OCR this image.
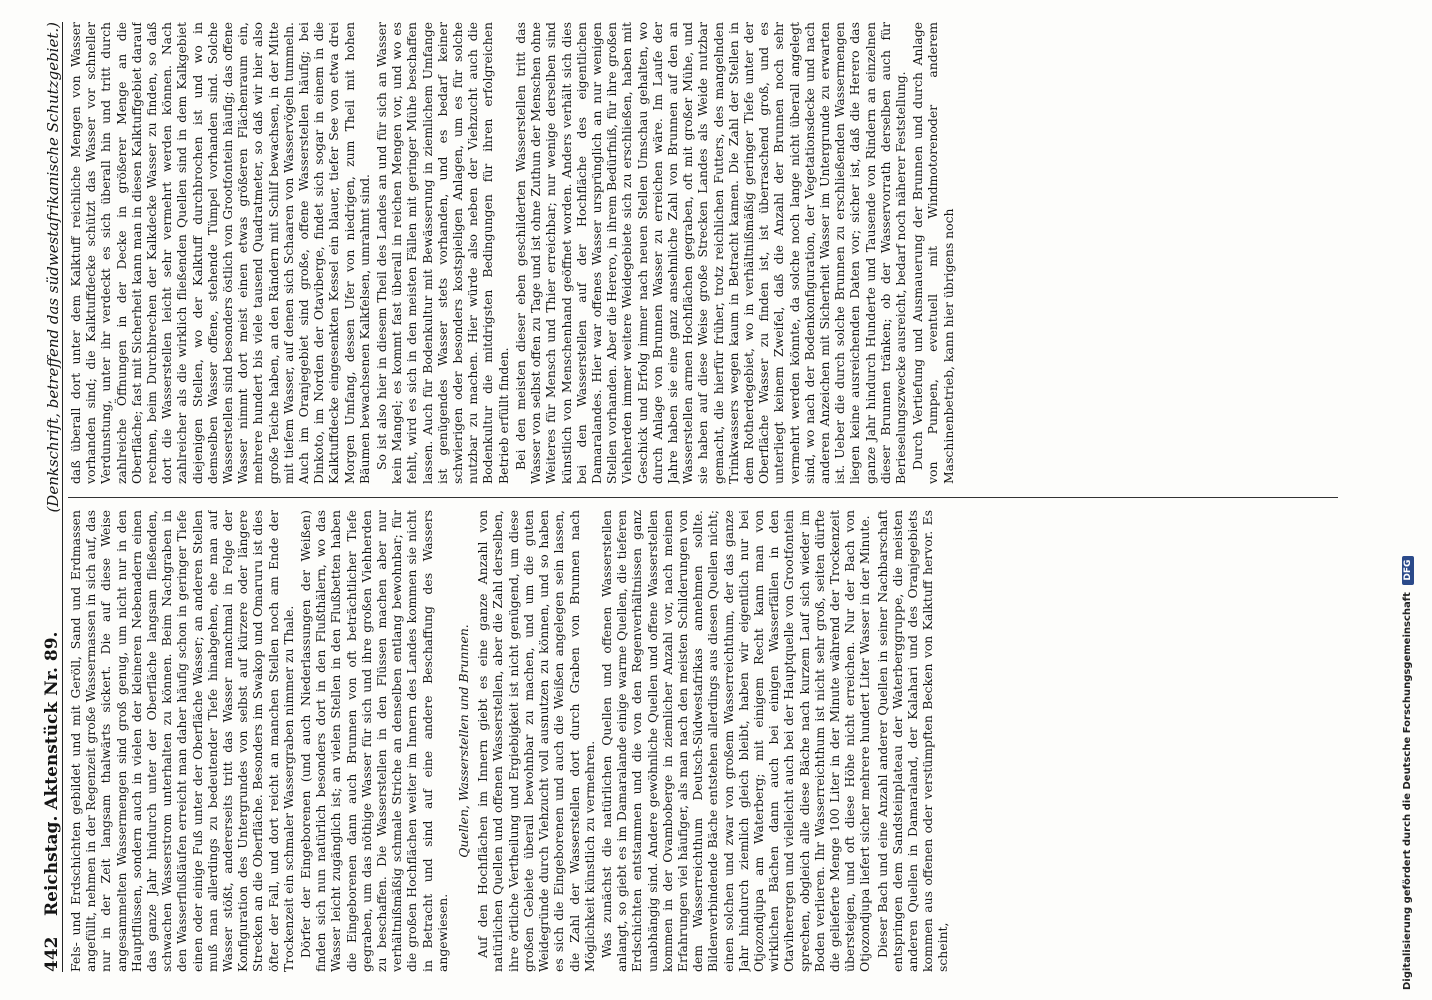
442
Reichstag. Aktenstück Nr. 89.
(Denkschrift, betreffend das südwestafrikanische Schutzgebiet.)

Fels- und Erdschichten gebildet und mit Geröll, Sand und Erdmassen angefüllt, nehmen in der Regenzeit große Wassermassen in sich auf, das nur in der Zeit langsam thalwärts sickert. Die auf diese Weise angesammelten Wassermengen sind groß genug, um nicht nur in den Hauptflüssen, sondern auch in vielen der kleineren Nebenadern einen das ganze Jahr hindurch unter der Oberfläche langsam fließenden, schwachen Wasserstrom unterhalten zu können. Beim Nachgraben in den Wasserflußläufen erreicht man daher häufig schon in geringer Tiefe einen oder einige Fuß unter der Oberfläche Wasser; an anderen Stellen muß man allerdings zu bedeutender Tiefe hinabgehen, ehe man auf Wasser stößt, andererseits tritt das Wasser manchmal in Folge der Konfiguration des Untergrundes von selbst auf kürzere oder längere Strecken an die Oberfläche. Besonders im Swakop und Omaruru ist dies öfter der Fall, und dort reicht an manchen Stellen noch am Ende der Trockenzeit ein schmaler Wassergraben nimmer zu Thale. Dörfer der Eingeborenen (und auch Niederlassungen der Weißen) finden sich nun natürlich besonders dort in den Flußthälern, wo das Wasser leicht zugänglich ist; an vielen Stellen in den Flußbetten haben die Eingeborenen dann auch Brunnen von oft beträchtlicher Tiefe gegraben, um das nöthige Wasser für sich und ihre großen Viehherden zu beschaffen. Die Wasserstellen in den Flüssen machen aber nur verhältnißmäßig schmale Striche an denselben entlang bewohnbar; für die großen Hochflächen weiter im Innern des Landes kommen sie nicht in Betracht und sind auf eine andere Beschaffung des Wassers angewiesen.

Quellen, Wasserstellen und Brunnen. Auf den Hochflächen im Innern giebt es eine ganze Anzahl von natürlichen Quellen und offenen Wasserstellen, aber die Zahl derselben, ihre örtliche Vertheilung und Ergiebigkeit ist nicht genügend, um diese großen Gebiete überall bewohnbar zu machen, und um die guten Weidegründe durch Viehzucht voll ausnutzen zu können, und so haben es sich die Eingeborenen und auch die Weißen angelegen sein lassen, die Zahl der Wasserstellen dort durch Graben von Brunnen nach Möglichkeit künstlich zu vermehren. Was zunächst die natürlichen Quellen und offenen Wasserstellen anlangt, so giebt es im Damaralande einige warme Quellen, die tieferen Erdschichten entstammen und die von den Regenverhältnissen ganz unabhängig sind. Andere gewöhnliche Quellen und offene Wasserstellen kommen in der Ovamboberge in ziemlicher Anzahl vor, nach meinen Erfahrungen viel häufiger, als man nach den meisten Schilderungen von dem Wasserreichthum Deutsch-Südwestafrikas annehmen sollte. Bildenverbindende Bäche entstehen allerdings aus diesen Quellen nicht; einen solchen und zwar von großem Wasserreichthum, der das ganze Jahr hindurch ziemlich gleich bleibt, haben wir eigentlich nur bei Otjozondjupa am Waterberg; mit einigem Recht kann man von wirklichen Bächen dann auch bei einigen Wasserfällen in den Otaviherergen und vielleicht auch bei der Hauptquelle von Grootfontein sprechen, obgleich alle diese Bäche nach kurzem Lauf sich wieder im Boden verlieren. Ihr Wasserreichthum ist nicht sehr groß, seiten dürfte die gelieferte Menge 100 Liter in der Minute während der Trockenzeit übersteigen, und oft diese Höhe nicht erreichen. Nur der Bach von Otjozondjupa liefert sicher mehrere hundert Liter Wasser in der Minute. Dieser Bach und eine Anzahl anderer Quellen in seiner Nachbarschaft entspringen dem Sandsteinplateau der Waterberggruppe, die meisten anderen Quellen in Damaraland, der Kalahari und des Oranjegebiets kommen aus offenen oder verstümpften Becken von Kalktuff hervor. Es scheint,

daß überall dort unter dem Kalktuff reichliche Mengen von Wasser vorhanden sind; die Kalktuffdecke schützt das Wasser vor schneller Verdunstung, unter ihr verdeckt es sich überall hin und tritt durch zahlreiche Öffnungen in der Decke in größerer Menge an die Oberfläche; fast mit Sicherheit kann man in diesen Kalktuffgebiet darauf rechnen, beim Durchbrechen der Kalkdecke Wasser zu finden, so daß dort die Wasserstellen leicht sehr vermehrt werden können. Nach zahlreicher als die wirklich fließenden Quellen sind in dem Kalkgebiet diejenigen Stellen, wo der Kalktuff durchbrochen ist und wo in demselben Wasser offene, stehende Tümpel vorhanden sind. Solche Wasserstellen sind besonders östlich von Grootfontein häufig; das offene Wasser nimmt dort meist einen etwas größeren Flächenraum ein, mehrere hundert bis viele tausend Quadratmeter, so daß wir hier also große Teiche haben, an den Rändern mit Schilf bewachsen, in der Mitte mit tiefem Wasser, auf denen sich Schaaren von Wasservögeln tummeln. Auch im Oranjegebiet sind große, offene Wasserstellen häufig; bei Dinkoto, im Norden der Otaviberge, findet sich sogar in einem in die Kalktuffdecke eingesenkten Kessel ein blauer, tiefer See von etwa drei Morgen Umfang, dessen Ufer von niedrigen, zum Theil mit hohen Bäumen bewachsenen Kalkfelsen, umrahmt sind. So ist also hier in diesem Theil des Landes an und für sich an Wasser kein Mangel; es kommt fast überall in reichen Mengen vor, und wo es fehlt, wird es sich in den meisten Fällen mit geringer Mühe beschaffen lassen. Auch für Bodenkultur mit Bewässerung in ziemlichem Umfange ist genügendes Wasser stets vorhanden, und es bedarf keiner schwierigen oder besonders kostspieligen Anlagen, um es für solche nutzbar zu machen. Hier würde also neben der Viehzucht auch die Bodenkultur die mitdrigsten Bedingungen für ihren erfolgreichen Betrieb erfüllt finden. Bei den meisten dieser eben geschilderten Wasserstellen tritt das Wasser von selbst offen zu Tage und ist ohne Zuthun der Menschen ohne Weiteres für Mensch und Thier erreichbar; nur wenige derselben sind künstlich von Menschenhand geöffnet worden. Anders verhält sich dies bei den Wasserstellen auf der Hochfläche des eigentlichen Damaralandes. Hier war offenes Wasser ursprünglich an nur wenigen Stellen vorhanden. Aber die Herero, in ihrem Bedürfniß, für ihre großen Viehherden immer weitere Weidegebiete sich zu erschließen, haben mit Geschick und Erfolg immer nach neuen Stellen Umschau gehalten, wo durch Anlage von Brunnen Wasser zu erreichen wäre. Im Laufe der Jahre haben sie eine ganz ansehnliche Zahl von Brunnen auf den an Wasserstellen armen Hochflächen gegraben, oft mit großer Mühe, und sie haben auf diese Weise große Strecken Landes als Weide nutzbar gemacht, die hierfür früher, trotz reichlichen Futters, des mangelnden Trinkwassers wegen kaum in Betracht kamen. Die Zahl der Stellen in dem Rotherdegebiet, wo in verhältnißmäßig geringer Tiefe unter der Oberfläche Wasser zu finden ist, ist überraschend groß, und es unterliegt keinem Zweifel, daß die Anzahl der Brunnen noch sehr vermehrt werden könnte, da solche noch lange nicht überall angelegt sind, wo nach der Bodenkonfiguration, der Vegetationsdecke und nach anderen Anzeichen mit Sicherheit Wasser im Untergrunde zu erwarten ist. Ueber die durch solche Brunnen zu erschließenden Wassermengen liegen keine ausreichenden Daten vor; sicher ist, daß die Herero das ganze Jahr hindurch Hunderte und Tausende von Rindern an einzelnen dieser Brunnen tränken; ob der Wasservorrath derselben auch für Berieselungszwecke ausreicht, bedarf noch näherer Feststellung. Durch Vertiefung und Ausmauerung der Brunnen und durch Anlage von Pumpen, eventuell mit Windmotorenoder anderem Maschinenbetrieb, kann hier übrigens noch

Digitalisierung gefördert durch die Deutsche Forschungsgemeinschaft DFG
